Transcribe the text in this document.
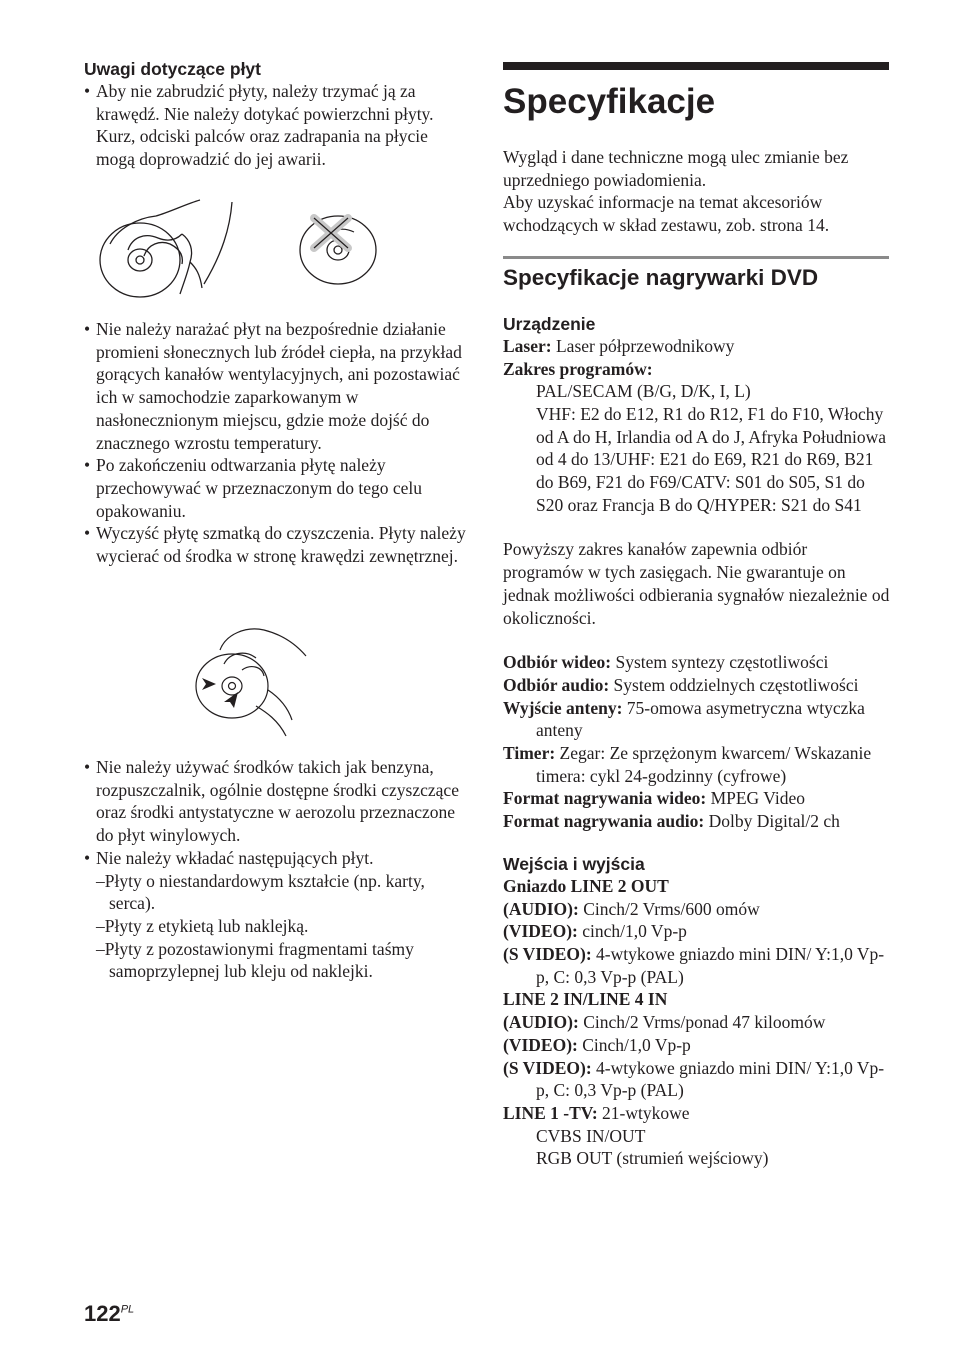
Uwagi dotyczące płyt
• Aby nie zabrudzić płyty, należy trzymać ją za krawędź. Nie należy dotykać powierzchni płyty. Kurz, odciski palców oraz zadrapania na płycie mogą doprowadzić do jej awarii.
• Nie należy narażać płyt na bezpośrednie działanie promieni słonecznych lub źródeł ciepła, na przykład gorących kanałów wentylacyjnych, ani pozostawiać ich w samochodzie zaparkowanym w nasłonecznionym miejscu, gdzie może dojść do znacznego wzrostu temperatury.
• Po zakończeniu odtwarzania płytę należy przechowywać w przeznaczonym do tego celu opakowaniu.
• Wyczyść płytę szmatką do czyszczenia. Płyty należy wycierać od środka w stronę krawędzi zewnętrznej.
• Nie należy używać środków takich jak benzyna, rozpuszczalnik, ogólnie dostępne środki czyszczące oraz środki antystatyczne w aerozolu przeznaczone do płyt winylowych.
• Nie należy wkładać następujących płyt.
–Płyty o niestandardowym kształcie (np. karty, serca).
–Płyty z etykietą lub naklejką.
–Płyty z pozostawionymi fragmentami taśmy samoprzylepnej lub kleju od naklejki.
Specyfikacje

Wygląd i dane techniczne mogą ulec zmianie bez uprzedniego powiadomienia.

Aby uzyskać informacje na temat akcesoriów wchodzących w skład zestawu, zob. strona 14.

Specyfikacje nagrywarki DVD
Urządzenie

Laser: Laser półprzewodnikowy

Zakres programów:

PAL/SECAM (B/G, D/K, I, L)

VHF: E2 do E12, R1 do R12, F1 do F10, Włochy od A do H, Irlandia od A do J, Afryka Południowa od 4 do 13/UHF: E21 do E69, R21 do R69, B21 do B69, F21 do F69/CATV: S01 do S05, S1 do S20 oraz Francja B do Q/HYPER: S21 do S41

Powyższy zakres kanałów zapewnia odbiór programów w tych zasięgach. Nie gwarantuje on jednak możliwości odbierania sygnałów niezależnie od okoliczności.

Odbiór wideo: System syntezy częstotliwości

Odbiór audio: System oddzielnych częstotliwości

Wyjście anteny: 75-omowa asymetryczna wtyczka anteny

Timer: Zegar: Ze sprzężonym kwarcem/ Wskazanie timera: cykl 24-godzinny (cyfrowe)

Format nagrywania wideo: MPEG Video

Format nagrywania audio: Dolby Digital/2 ch

Wejścia i wyjścia

Gniazdo LINE 2 OUT

(AUDIO): Cinch/2 Vrms/600 omów

(VIDEO): cinch/1,0 Vp-p

(S VIDEO): 4-wtykowe gniazdo mini DIN/ Y:1,0 Vp-p, C: 0,3 Vp-p (PAL)

LINE 2 IN/LINE 4 IN

(AUDIO): Cinch/2 Vrms/ponad 47 kiloomów

(VIDEO): Cinch/1,0 Vp-p

(S VIDEO): 4-wtykowe gniazdo mini DIN/ Y:1,0 Vp-p, C: 0,3 Vp-p (PAL)

LINE 1 -TV: 21-wtykowe

CVBS IN/OUT

RGB OUT (strumień wejściowy)

$122^{PL}$
